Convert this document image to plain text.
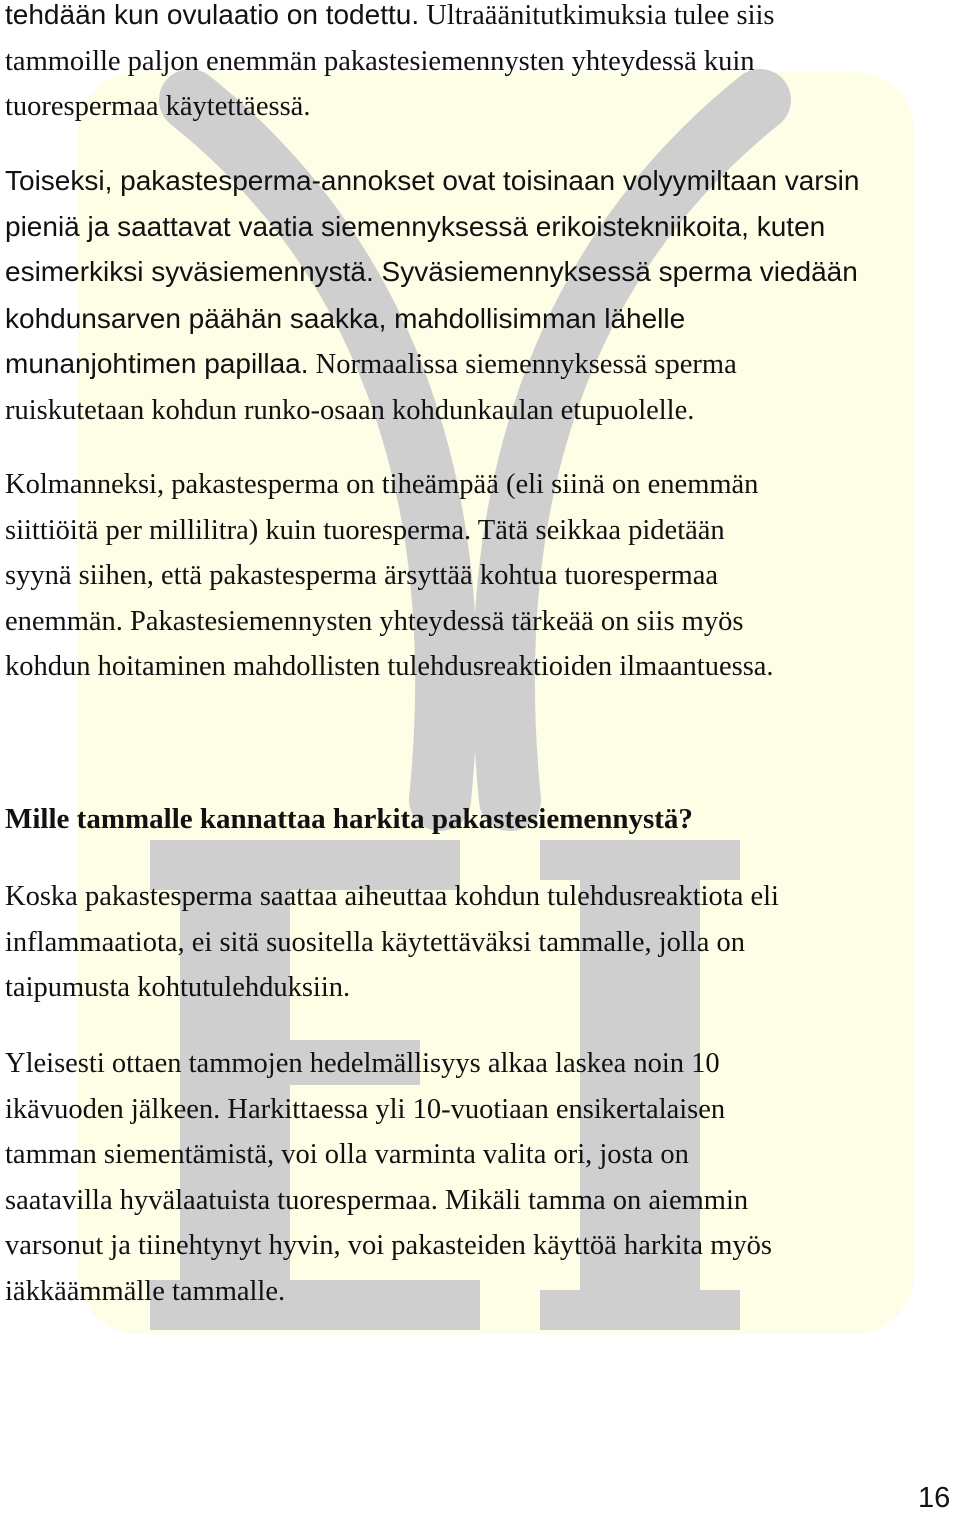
tehdään kun ovulaatio on todettu. Ultraäänitutkimuksia tulee siis
tammoille paljon enemmän pakastesiemennysten yhteydessä kuin
tuorespermaa käytettäessä.

Toiseksi, pakastesperma-annokset ovat toisinaan volyymiltaan varsin
pieniä ja saattavat vaatia siemennyksessä erikoistekniikoita, kuten
esimerkiksi syväsiemennystä. Syväsiemennyksessä sperma viedään
kohdunsarven päähän saakka, mahdollisimman lähelle
munanjohtimen papillaa. Normaalissa siemennyksessä sperma
ruiskutetaan kohdun runko-osaan kohdunkaulan etupuolelle.

Kolmanneksi, pakastesperma on tiheämpää (eli siinä on enemmän
siittiöitä per millilitra) kuin tuoresperma. Tätä seikkaa pidetään
syynä siihen, että pakastesperma ärsyttää kohtua tuorespermaa
enemmän. Pakastesiemennysten yhteydessä tärkeää on siis myös
kohdun hoitaminen mahdollisten tulehdusreaktioiden ilmaantuessa.

Mille tammalle kannattaa harkita pakastesiemennystä?

Koska pakastesperma saattaa aiheuttaa kohdun tulehdusreaktiota eli
inflammaatiota, ei sitä suositella käytettäväksi tammalle, jolla on
taipumusta kohtutulehduksiin.

Yleisesti ottaen tammojen hedelmällisyys alkaa laskea noin 10
ikävuoden jälkeen. Harkittaessa yli 10-vuotiaan ensikertalaisen
tamman siementämistä, voi olla varminta valita ori, josta on
saatavilla hyvälaatuista tuorespermaa. Mikäli tamma on aiemmin
varsonut ja tiinehtynyt hyvin, voi pakasteiden käyttöä harkita myös
iäkkäämmälle tammalle.

16
